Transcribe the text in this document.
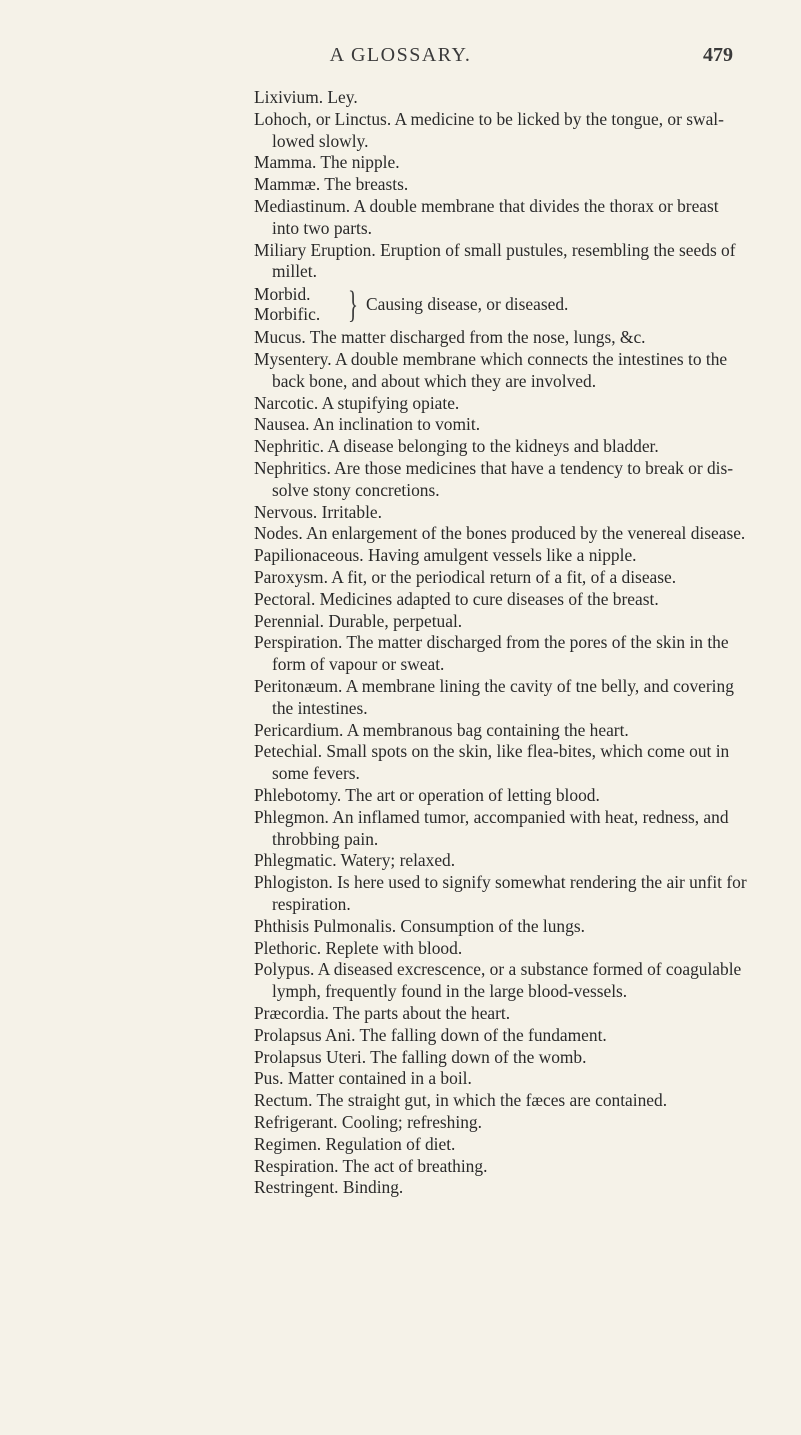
A GLOSSARY.	479
Lixivium. Ley.
Lohoch, or Linctus. A medicine to be licked by the tongue, or swal-
lowed slowly.
Mamma. The nipple.
Mammæ. The breasts.
Mediastinum. A double membrane that divides the thorax or breast
into two parts.
Miliary Eruption. Eruption of small pustules, resembling the seeds of
millet.
Morbid.
Morbific. } Causing disease, or diseased.
Mucus. The matter discharged from the nose, lungs, &c.
Mysentery. A double membrane which connects the intestines to the
back bone, and about which they are involved.
Narcotic. A stupifying opiate.
Nausea. An inclination to vomit.
Nephritic. A disease belonging to the kidneys and bladder.
Nephritics. Are those medicines that have a tendency to break or dis-
solve stony concretions.
Nervous. Irritable.
Nodes. An enlargement of the bones produced by the venereal disease.
Papilionaceous. Having amulgent vessels like a nipple.
Paroxysm. A fit, or the periodical return of a fit, of a disease.
Pectoral. Medicines adapted to cure diseases of the breast.
Perennial. Durable, perpetual.
Perspiration. The matter discharged from the pores of the skin in the
form of vapour or sweat.
Peritonæum. A membrane lining the cavity of tne belly, and covering
the intestines.
Pericardium. A membranous bag containing the heart.
Petechial. Small spots on the skin, like flea-bites, which come out in
some fevers.
Phlebotomy. The art or operation of letting blood.
Phlegmon. An inflamed tumor, accompanied with heat, redness, and
throbbing pain.
Phlegmatic. Watery; relaxed.
Phlogiston. Is here used to signify somewhat rendering the air unfit for
respiration.
Phthisis Pulmonalis. Consumption of the lungs.
Plethoric. Replete with blood.
Polypus. A diseased excrescence, or a substance formed of coagulable
lymph, frequently found in the large blood-vessels.
Præcordia. The parts about the heart.
Prolapsus Ani. The falling down of the fundament.
Prolapsus Uteri. The falling down of the womb.
Pus. Matter contained in a boil.
Rectum. The straight gut, in which the fæces are contained.
Refrigerant. Cooling; refreshing.
Regimen. Regulation of diet.
Respiration. The act of breathing.
Restringent. Binding.
